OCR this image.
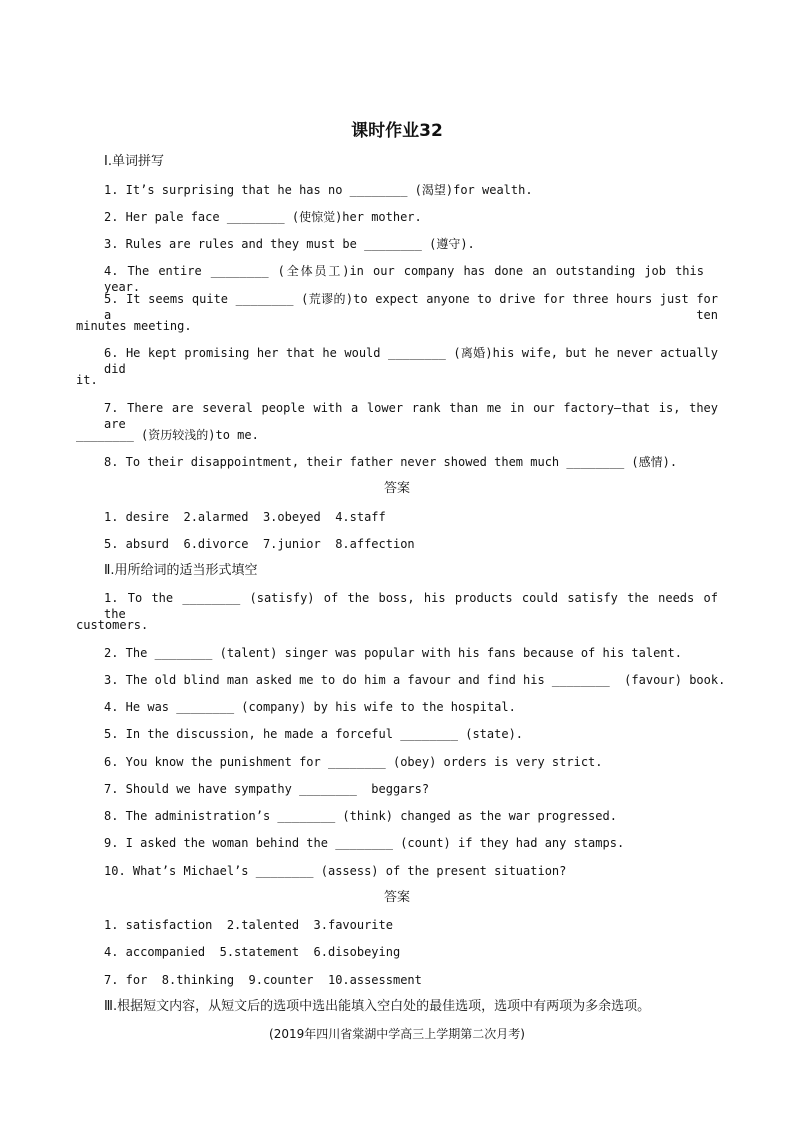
课时作业32
Ⅰ.单词拼写
1. It’s surprising that he has no ________ (渴望)for wealth.
2. Her pale face ________ (使惊觉)her mother.
3. Rules are rules and they must be ________ (遵守).
4. The entire ________ (全体员工)in our company has done an outstanding job this year.
5. It seems quite ________ (荒谬的)to expect anyone to drive for three hours just for a ten
minutes meeting.
6. He kept promising her that he would ________ (离婚)his wife, but he never actually did
it.
7. There are several people with a lower rank than me in our factory—that is, they are
________ (资历较浅的)to me.
8. To their disappointment, their father never showed them much ________ (感情).
答案
1. desire  2.alarmed  3.obeyed  4.staff
5. absurd  6.divorce  7.junior  8.affection
Ⅱ.用所给词的适当形式填空
1. To the ________ (satisfy) of the boss, his products could satisfy the needs of the
customers.
2. The ________ (talent) singer was popular with his fans because of his talent.
3. The old blind man asked me to do him a favour and find his ________  (favour) book.
4. He was ________ (company) by his wife to the hospital.
5. In the discussion, he made a forceful ________ (state).
6. You know the punishment for ________ (obey) orders is very strict.
7. Should we have sympathy ________  beggars?
8. The administration’s ________ (think) changed as the war progressed.
9. I asked the woman behind the ________ (count) if they had any stamps.
10. What’s Michael’s ________ (assess) of the present situation?
答案
1. satisfaction  2.talented  3.favourite
4. accompanied  5.statement  6.disobeying
7. for  8.thinking  9.counter  10.assessment
Ⅲ.根据短文内容，从短文后的选项中选出能填入空白处的最佳选项，选项中有两项为多余选项。
(2019年四川省棠湖中学高三上学期第二次月考)
